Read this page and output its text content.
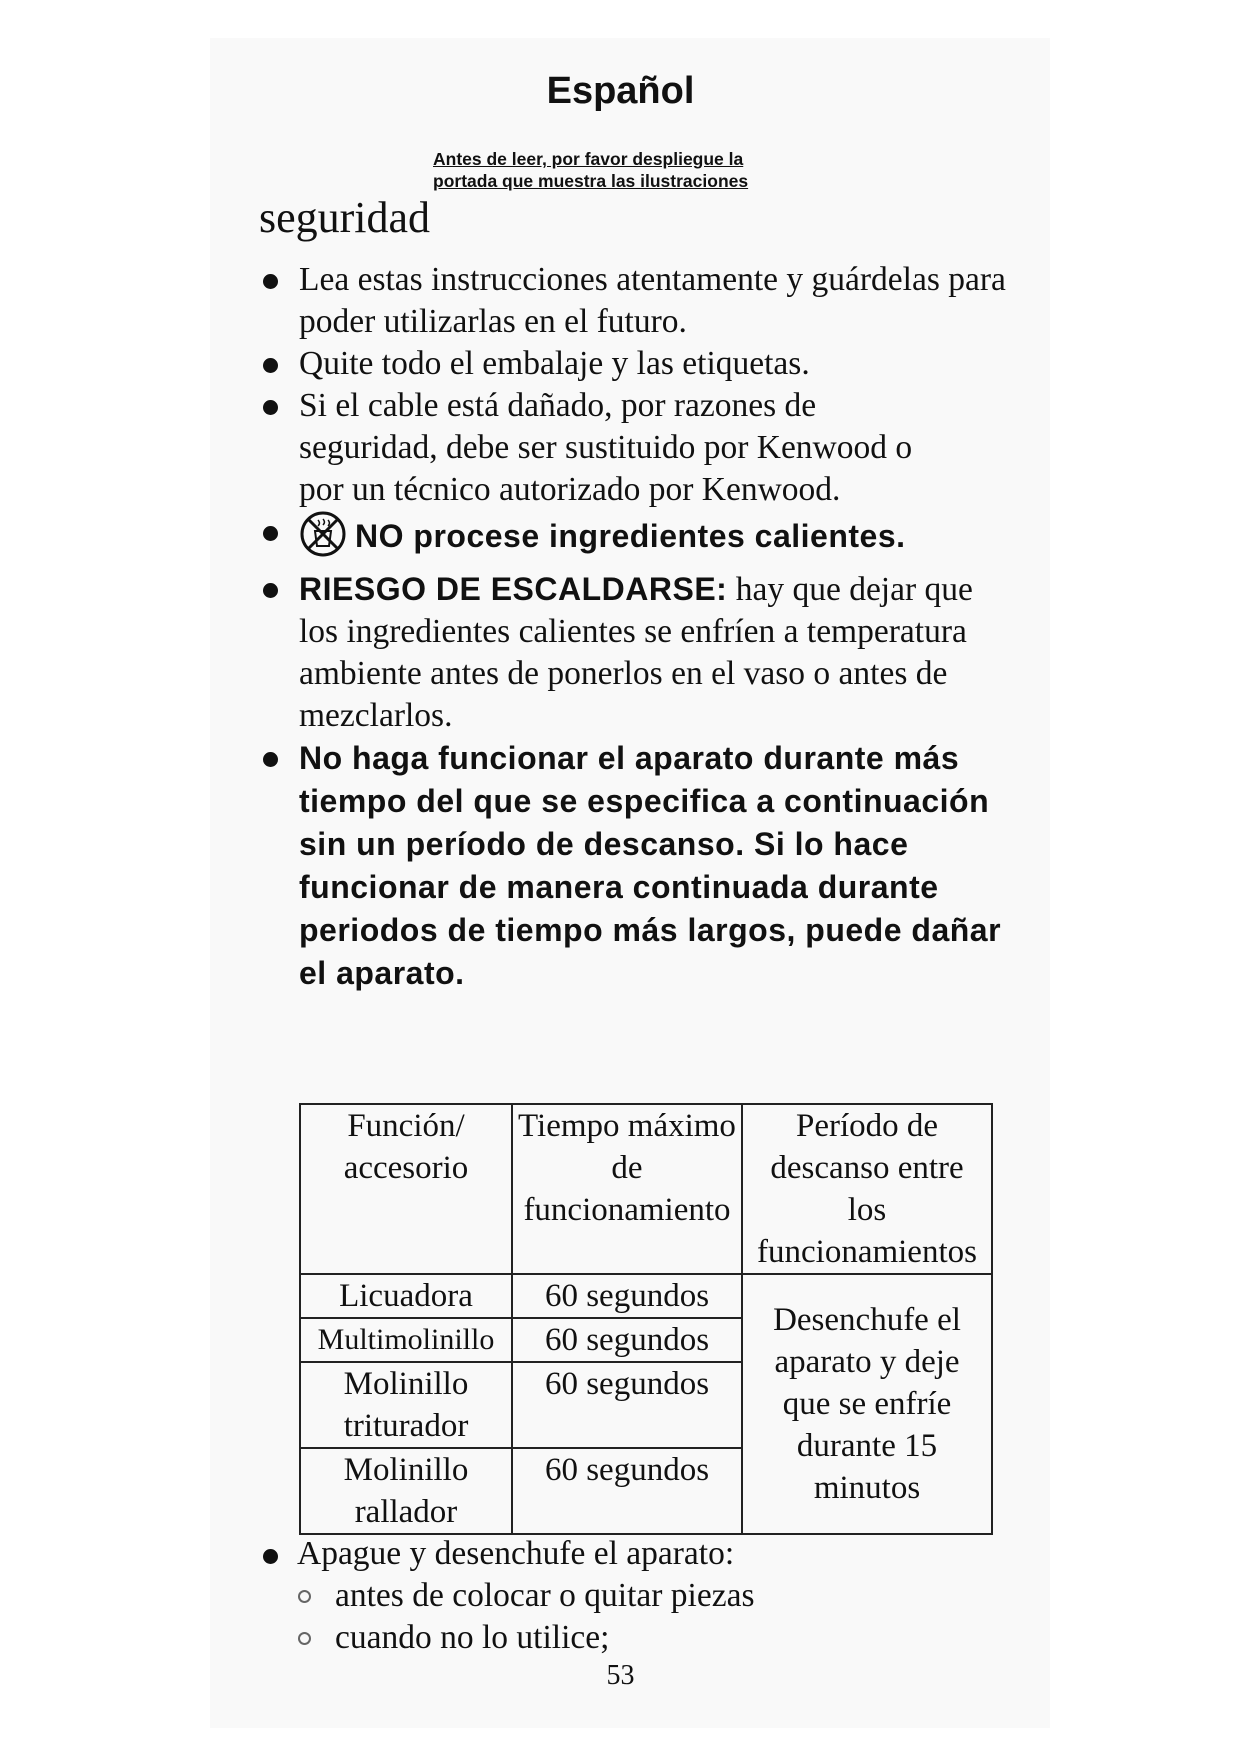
Español
Antes de leer, por favor despliegue la
portada que muestra las ilustraciones
seguridad
Lea estas instrucciones atentamente y guárdelas para poder utilizarlas en el futuro.
Quite todo el embalaje y las etiquetas.
Si el cable está dañado, por razones de seguridad, debe ser sustituido por Kenwood o por un técnico autorizado por Kenwood.
NO procese ingredientes calientes.
RIESGO DE ESCALDARSE: hay que dejar que los ingredientes calientes se enfríen a temperatura ambiente antes de ponerlos en el vaso o antes de mezclarlos.
No haga funcionar el aparato durante más tiempo del que se especifica a continuación sin un período de descanso. Si lo hace funcionar de manera continuada durante periodos de tiempo más largos, puede dañar el aparato.
Función/ accesorio	Tiempo máximo de funcionamiento	Período de descanso entre los funcionamientos
Licuadora	60 segundos	Desenchufe el aparato y deje que se enfríe durante 15 minutos
Multimolinillo	60 segundos	
Molinillo triturador	60 segundos	
Molinillo rallador	60 segundos	
Apague y desenchufe el aparato:
antes de colocar o quitar piezas
cuando no lo utilice;
53
